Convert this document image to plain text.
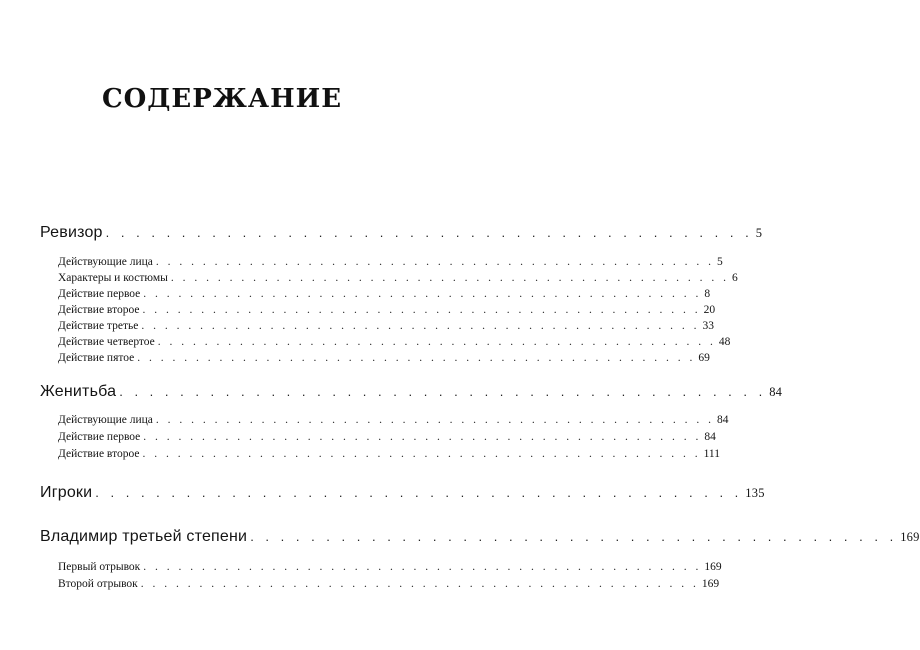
СОДЕРЖАНИЕ
Ревизор . . . . . . . . . . . . . . . . . . . . . . . . . . . . . . . . . . . . . . . . . . . 5
Действующие лица . . . . . . . . . . . . . . . . . . . . . . . . . . . . . . . . . . . . . . . . . . . . . . . . 5
Характеры и костюмы . . . . . . . . . . . . . . . . . . . . . . . . . . . . . . . . . . . . . . . . . . . . . . . . 6
Действие первое . . . . . . . . . . . . . . . . . . . . . . . . . . . . . . . . . . . . . . . . . . . . . . . . 8
Действие второе . . . . . . . . . . . . . . . . . . . . . . . . . . . . . . . . . . . . . . . . . . . . . . . . 20
Действие третье . . . . . . . . . . . . . . . . . . . . . . . . . . . . . . . . . . . . . . . . . . . . . . . . 33
Действие четвертое . . . . . . . . . . . . . . . . . . . . . . . . . . . . . . . . . . . . . . . . . . . . . . . . 48
Действие пятое . . . . . . . . . . . . . . . . . . . . . . . . . . . . . . . . . . . . . . . . . . . . . . . . 69
Женитьба . . . . . . . . . . . . . . . . . . . . . . . . . . . . . . . . . . . . . . . . . . . 84
Действующие лица . . . . . . . . . . . . . . . . . . . . . . . . . . . . . . . . . . . . . . . . . . . . . . . . 84
Действие первое . . . . . . . . . . . . . . . . . . . . . . . . . . . . . . . . . . . . . . . . . . . . . . . . 84
Действие второе . . . . . . . . . . . . . . . . . . . . . . . . . . . . . . . . . . . . . . . . . . . . . . . . 111
Игроки . . . . . . . . . . . . . . . . . . . . . . . . . . . . . . . . . . . . . . . . . . . 135
Владимир третьей степени . . . . . . . . . . . . . . . . . . . . . . . . . . . . . . . . . . . . . . . . . . . 169
Первый отрывок . . . . . . . . . . . . . . . . . . . . . . . . . . . . . . . . . . . . . . . . . . . . . . . . 169
Второй отрывок . . . . . . . . . . . . . . . . . . . . . . . . . . . . . . . . . . . . . . . . . . . . . . . . 169
